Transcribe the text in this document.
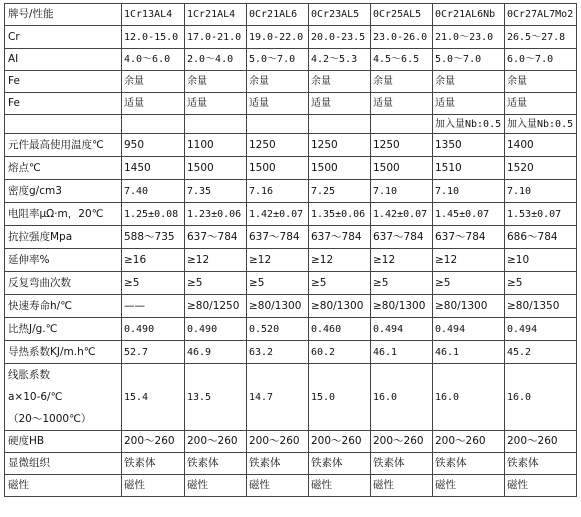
牌号/性能	1Cr13AL4	1Cr21AL4	0Cr21AL6	0Cr23AL5	0Cr25AL5	0Cr21AL6Nb	0Cr27AL7Mo2
Cr	12.0-15.0	17.0-21.0	19.0-22.0	20.0-23.5	23.0-26.0	21.0～23.0	26.5～27.8
AI	4.0～6.0	2.0～4.0	5.0～7.0	4.2～5.3	4.5～6.5	5.0～7.0	6.0～7.0
Fe	余量	余量	余量	余量	余量	余量	余量
Fe	适量	适量	适量	适量	适量	适量	适量
						加入量Nb:0.5	加入量Nb:0.5
元件最高使用温度℃	950	1100	1250	1250	1250	1350	1400
熔点℃	1450	1500	1500	1500	1500	1510	1520
密度g/cm3	7.40	7.35	7.16	7.25	7.10	7.10	7.10
电阻率μΩ·m，20℃	1.25±0.08	1.23±0.06	1.42±0.07	1.35±0.06	1.42±0.07	1.45±0.07	1.53±0.07
抗拉强度Mpa	588～735	637～784	637～784	637～784	637～784	637～784	686～784
延伸率%	≥16	≥12	≥12	≥12	≥12	≥12	≥10
反复弯曲次数	≥5	≥5	≥5	≥5	≥5	≥5	≥5
快速寿命h/℃	——	≥80/1250	≥80/1300	≥80/1300	≥80/1300	≥80/1300	≥80/1350
比热J/g.℃	0.490	0.490	0.520	0.460	0.494	0.494	0.494
导热系数KJ/m.h℃	52.7	46.9	63.2	60.2	46.1	46.1	45.2

线胀系数
a×10-6/℃
（20～1000℃）	15.4	13.5	14.7	15.0	16.0	16.0	16.0
硬度HB	200～260	200～260	200～260	200～260	200～260	200～260	200～260
显微组织	铁素体	铁素体	铁素体	铁素体	铁素体	铁素体	铁素体
磁性	磁性	磁性	磁性	磁性	磁性	磁性	磁性
